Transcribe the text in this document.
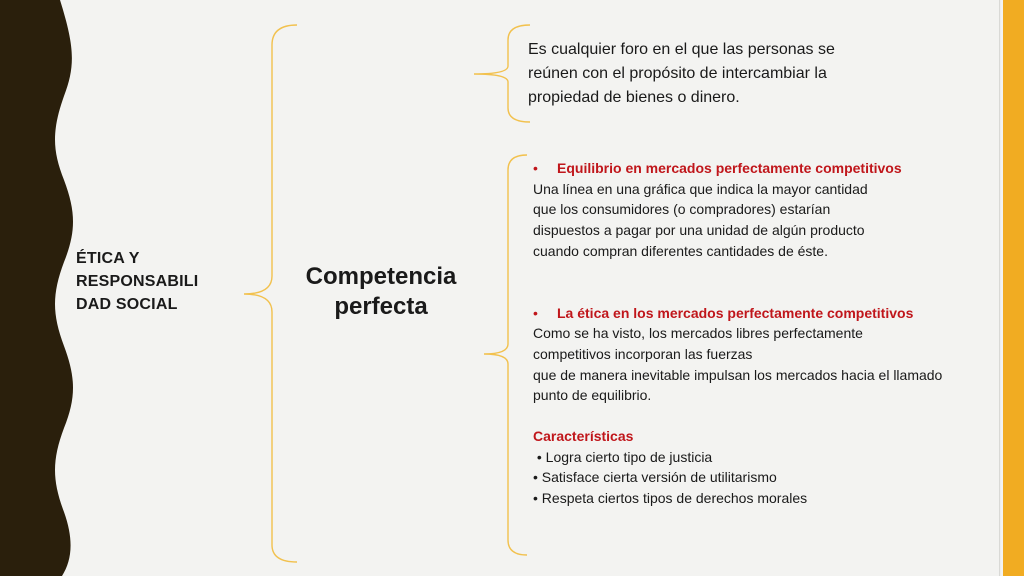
ÉTICA Y
RESPONSABILI
DAD SOCIAL
Competencia
perfecta

Es cualquier foro en el que las personas se reúnen con el propósito de intercambiar la propiedad de bienes o dinero.

•	Equilibrio en mercados perfectamente competitivos
Una línea en una gráfica que indica la mayor cantidad
que los consumidores (o compradores) estarían
dispuestos a pagar por una unidad de algún producto
cuando compran diferentes cantidades de éste.
•	La ética en los mercados perfectamente competitivos
Como se ha visto, los mercados libres perfectamente
competitivos incorporan las fuerzas
que de manera inevitable impulsan los mercados hacia el llamado
punto de equilibrio.
Características
• Logra cierto tipo de justicia
• Satisface cierta versión de utilitarismo
• Respeta ciertos tipos de derechos morales
